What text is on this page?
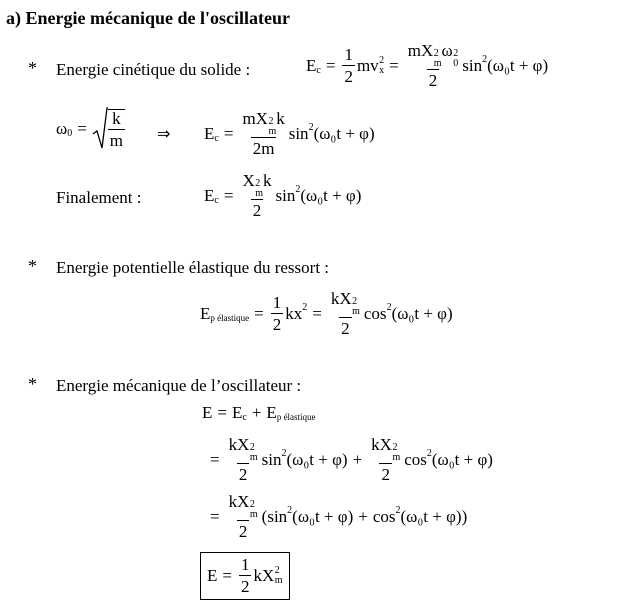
a) Energie mécanique de l'oscillateur
* Energie cinétique du solide :	E $c = \frac{1}{2}$ mv 2
x = mX 2
m
ω 2
0
2 sin 2 (ω₀t + φ)
ω $0 = \frac{k}{m}$ ⇒ E c = mX 2
m
k
2m sin 2 (ω₀t + φ)
Finalement :	E c = X 2
m
k
2 sin 2 (ω₀t + φ)
* Energie potentielle élastique du ressort :
E p élastique = $\frac{1}{2}$ kx 2 = kX 2
m
2 cos 2 (ω₀t + φ)
* Energie mécanique de l’oscillateur :
E = E c + E p élastique
= kX 2
m
2 sin 2 (ω₀t + φ) + kX 2
m
2 cos 2 (ω₀t + φ)
= kX 2
m
2 ( sin 2 (ω₀t + φ) + cos 2 (ω₀t + φ) )
$E = \frac{1}{2}$ kX 2
m
